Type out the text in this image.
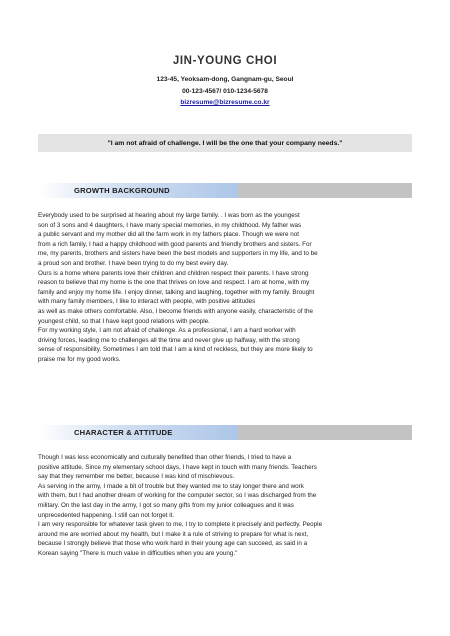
JIN-YOUNG CHOI
123-45, Yeoksam-dong, Gangnam-gu, Seoul
00-123-4567/ 010-1234-5678
bizresume@bizresume.co.kr
"I am not afraid of challenge. I will be the one that your company needs."
GROWTH BACKGROUND
Everybody used to be surprised at hearing about my large family. . I was born as the youngest
son of 3 sons and 4 daughters, I have many special memories, in my childhood. My father was
a public servant and my mother did all the farm work in my fathers place. Though we were not
from a rich family, I had a happy childhood with good parents and friendly brothers and sisters. For
me, my parents, brothers and sisters have been the best models and supporters in my life, and to be
a proud son and brother. I have been trying to do my best every day.
Ours is a home where parents love their children and children respect their parents. I have strong
reason to believe that my home is the one that thrives on love and respect. I am at home, with my
family and enjoy my home life. I enjoy dinner, talking and laughing, together with my family. Brought
with many family members, I like to interact with people, with positive attitudes
as well as make others comfortable. Also, I become friends with anyone easily, characteristic of the
youngest child, so that I have kept good relations with people.
For my working style, I am not afraid of challenge. As a professional, I am a hard worker with
driving forces, leading me to challenges all the time and never give up halfway, with the strong
sense of responsibility. Sometimes I am told that I am a kind of reckless, but they are more likely to
praise me for my good works.
CHARACTER & ATTITUDE
Though I was less economically and culturally benefited than other friends, I tried to have a
positive attitude. Since my elementary school days, I have kept in touch with many friends. Teachers
say that they remember me better, because I was kind of mischievous.
As serving in the army, I made a bit of trouble but they wanted me to stay longer there and work
with them, but I had another dream of working for the computer sector, so I was discharged from the
military. On the last day in the army, I got so many gifts from my junior colleagues and it was
unprecedented happening. I still can not forget it.
I am very responsible for whatever task given to me, I try to complete it precisely and perfectly. People
around me are worried about my health, but I make it a rule of striving to prepare for what is next,
because I strongly believe that those who work hard in their young age can succeed, as said in a
Korean saying "There is much value in difficulties when you are young."
